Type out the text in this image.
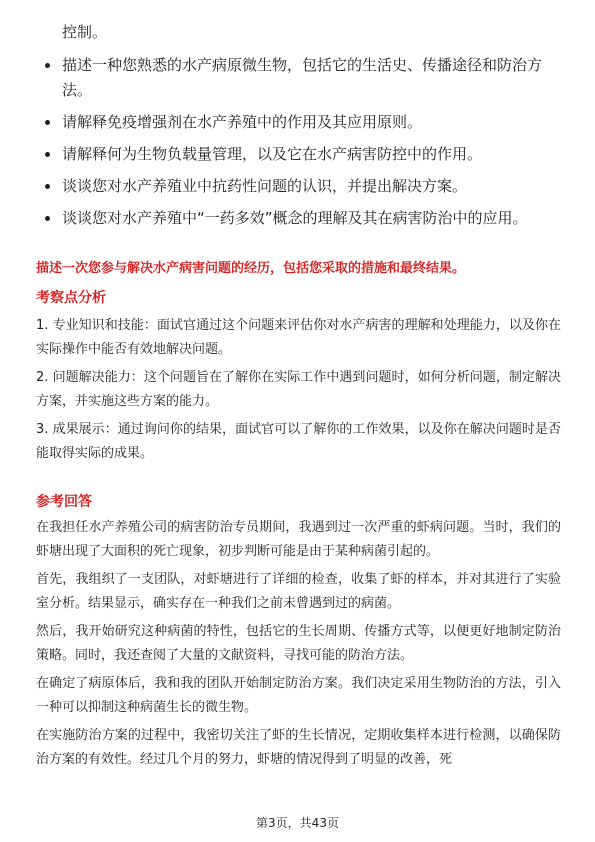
控制。
描述一种您熟悉的水产病原微生物，包括它的生活史、传播途径和防治方法。
请解释免疫增强剂在水产养殖中的作用及其应用原则。
请解释何为生物负载量管理，以及它在水产病害防控中的作用。
谈谈您对水产养殖业中抗药性问题的认识，并提出解决方案。
谈谈您对水产养殖中“一药多效”概念的理解及其在病害防治中的应用。
描述一次您参与解决水产病害问题的经历，包括您采取的措施和最终结果。
考察点分析

1. 专业知识和技能：面试官通过这个问题来评估你对水产病害的理解和处理能力，以及你在实际操作中能否有效地解决问题。

2. 问题解决能力：这个问题旨在了解你在实际工作中遇到问题时，如何分析问题，制定解决方案，并实施这些方案的能力。

3. 成果展示：通过询问你的结果，面试官可以了解你的工作效果，以及你在解决问题时是否能取得实际的成果。

参考回答

在我担任水产养殖公司的病害防治专员期间，我遇到过一次严重的虾病问题。当时，我们的虾塘出现了大面积的死亡现象，初步判断可能是由于某种病菌引起的。

首先，我组织了一支团队，对虾塘进行了详细的检查，收集了虾的样本，并对其进行了实验室分析。结果显示，确实存在一种我们之前未曾遇到过的病菌。

然后，我开始研究这种病菌的特性，包括它的生长周期、传播方式等，以便更好地制定防治策略。同时，我还查阅了大量的文献资料，寻找可能的防治方法。

在确定了病原体后，我和我的团队开始制定防治方案。我们决定采用生物防治的方法，引入一种可以抑制这种病菌生长的微生物。

在实施防治方案的过程中，我密切关注了虾的生长情况，定期收集样本进行检测，以确保防治方案的有效性。经过几个月的努力，虾塘的情况得到了明显的改善，死

第3页，共43页
